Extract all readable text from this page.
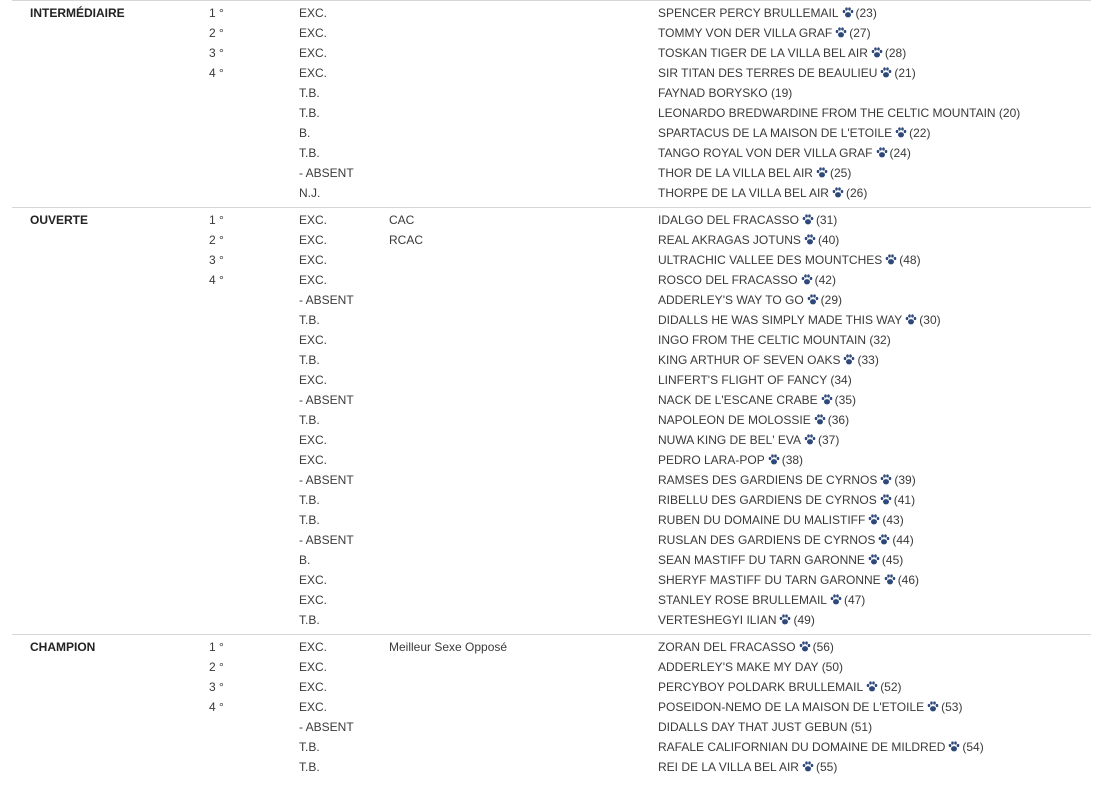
INTERMÉDIAIRE	1 °	EXC.	SPENCER PERCY BRULLEMAIL (23)
2 °	EXC.	TOMMY VON DER VILLA GRAF (27)
3 °	EXC.	TOSKAN TIGER DE LA VILLA BEL AIR (28)
4 °	EXC.	SIR TITAN DES TERRES DE BEAULIEU (21)
T.B.	FAYNAD BORYSKO (19)
T.B.	LEONARDO BREDWARDINE FROM THE CELTIC MOUNTAIN (20)
B.	SPARTACUS DE LA MAISON DE L'ETOILE (22)
T.B.	TANGO ROYAL VON DER VILLA GRAF (24)
- ABSENT	THOR DE LA VILLA BEL AIR (25)
N.J.	THORPE DE LA VILLA BEL AIR (26)
OUVERTE	1 °	EXC.	CAC	IDALGO DEL FRACASSO (31)
2 °	EXC.	RCAC	REAL AKRAGAS JOTUNS (40)
3 °	EXC.	ULTRACHIC VALLEE DES MOUNTCHES (48)
4 °	EXC.	ROSCO DEL FRACASSO (42)
- ABSENT	ADDERLEY'S WAY TO GO (29)
T.B.	DIDALLS HE WAS SIMPLY MADE THIS WAY (30)
EXC.	INGO FROM THE CELTIC MOUNTAIN (32)
T.B.	KING ARTHUR OF SEVEN OAKS (33)
EXC.	LINFERT'S FLIGHT OF FANCY (34)
- ABSENT	NACK DE L'ESCANE CRABE (35)
T.B.	NAPOLEON DE MOLOSSIE (36)
EXC.	NUWA KING DE BEL' EVA (37)
EXC.	PEDRO LARA-POP (38)
- ABSENT	RAMSES DES GARDIENS DE CYRNOS (39)
T.B.	RIBELLU DES GARDIENS DE CYRNOS (41)
T.B.	RUBEN DU DOMAINE DU MALISTIFF (43)
- ABSENT	RUSLAN DES GARDIENS DE CYRNOS (44)
B.	SEAN MASTIFF DU TARN GARONNE (45)
EXC.	SHERYF MASTIFF DU TARN GARONNE (46)
EXC.	STANLEY ROSE BRULLEMAIL (47)
T.B.	VERTESHEGYI ILIAN (49)
CHAMPION	1 °	EXC.	Meilleur Sexe Opposé	ZORAN DEL FRACASSO (56)
2 °	EXC.	ADDERLEY'S MAKE MY DAY (50)
3 °	EXC.	PERCYBOY POLDARK BRULLEMAIL (52)
4 °	EXC.	POSEIDON-NEMO DE LA MAISON DE L'ETOILE (53)
- ABSENT	DIDALLS DAY THAT JUST GEBUN (51)
T.B.	RAFALE CALIFORNIAN DU DOMAINE DE MILDRED (54)
T.B.	REI DE LA VILLA BEL AIR (55)
